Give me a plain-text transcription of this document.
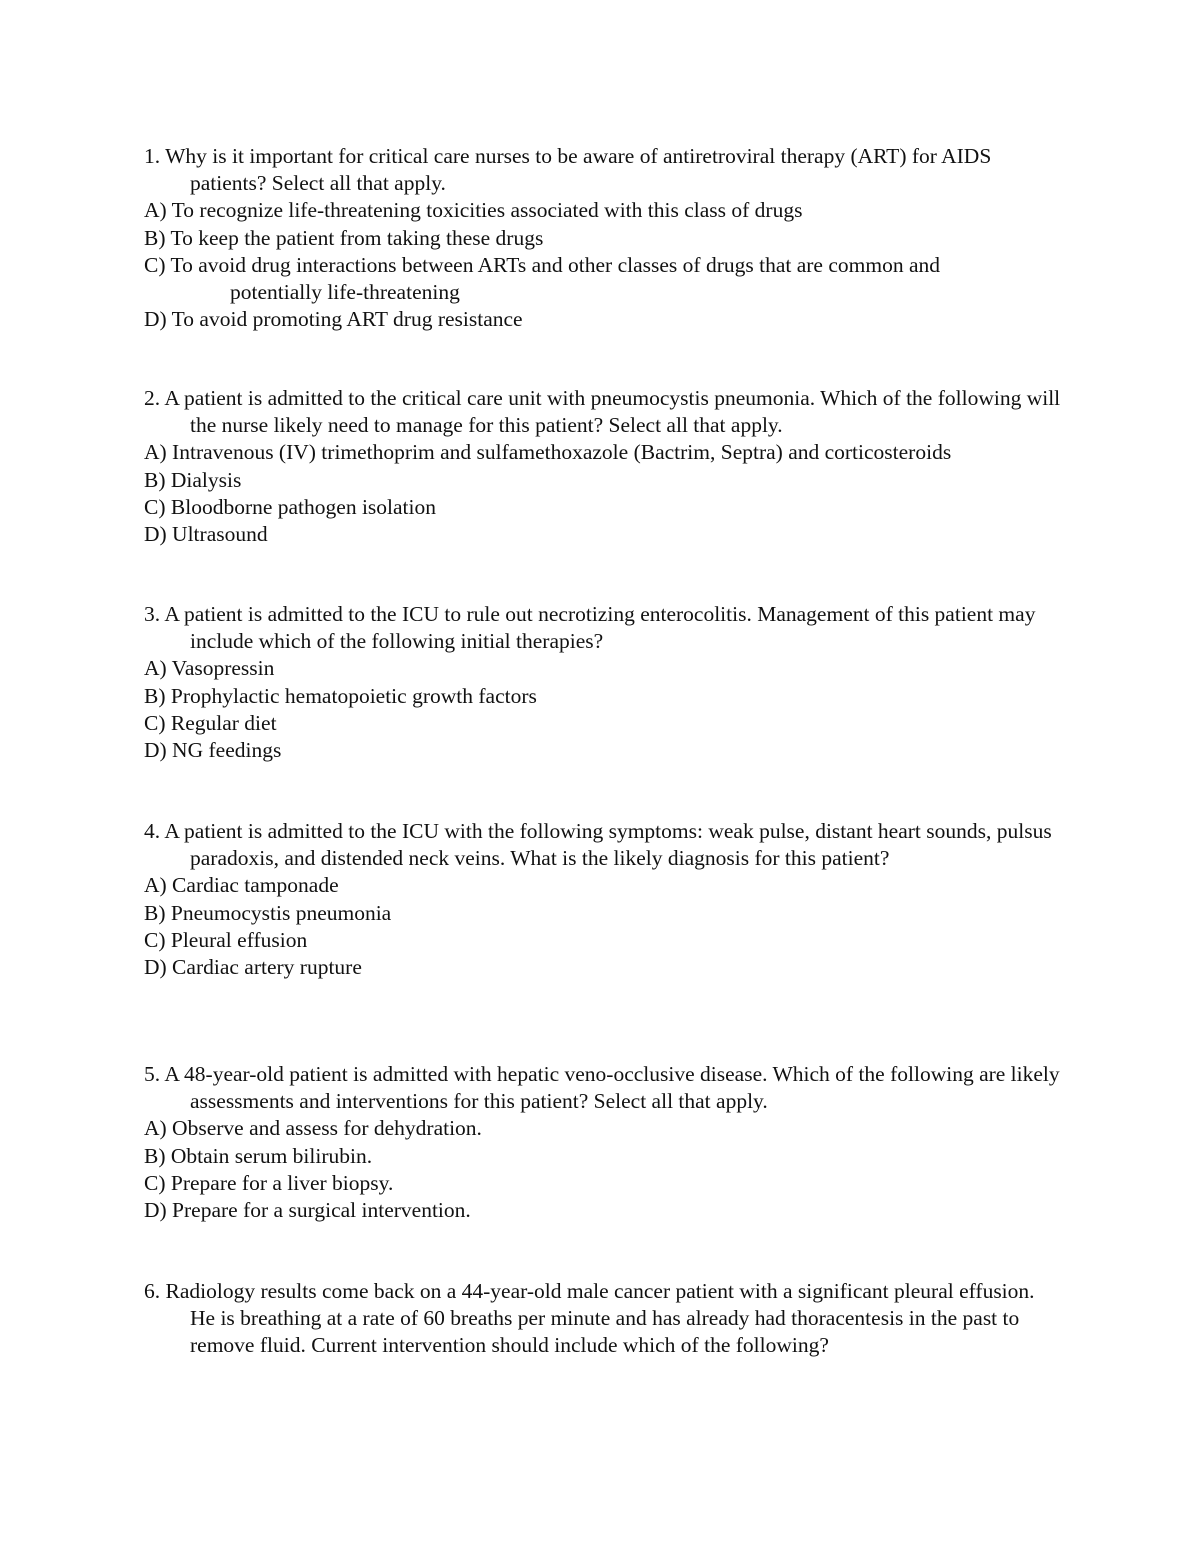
1. Why is it important for critical care nurses to be aware of antiretroviral therapy (ART) for AIDS patients? Select all that apply.

A) To recognize life-threatening toxicities associated with this class of drugs

B) To keep the patient from taking these drugs

C) To avoid drug interactions between ARTs and other classes of drugs that are common and
potentially life-threatening

D) To avoid promoting ART drug resistance

2. A patient is admitted to the critical care unit with pneumocystis pneumonia. Which of the following will the nurse likely need to manage for this patient? Select all that apply.

A) Intravenous (IV) trimethoprim and sulfamethoxazole (Bactrim, Septra) and corticosteroids

B) Dialysis

C) Bloodborne pathogen isolation

D) Ultrasound

3. A patient is admitted to the ICU to rule out necrotizing enterocolitis. Management of this patient may include which of the following initial therapies?

A) Vasopressin

B) Prophylactic hematopoietic growth factors

C) Regular diet

D) NG feedings

4. A patient is admitted to the ICU with the following symptoms: weak pulse, distant heart sounds, pulsus paradoxis, and distended neck veins. What is the likely diagnosis for this patient?

A) Cardiac tamponade

B) Pneumocystis pneumonia

C) Pleural effusion

D) Cardiac artery rupture

5. A 48-year-old patient is admitted with hepatic veno-occlusive disease. Which of the following are likely assessments and interventions for this patient? Select all that apply.

A) Observe and assess for dehydration.

B) Obtain serum bilirubin.

C) Prepare for a liver biopsy.

D) Prepare for a surgical intervention.

6. Radiology results come back on a 44-year-old male cancer patient with a significant pleural effusion. He is breathing at a rate of 60 breaths per minute and has already had thoracentesis in the past to remove fluid. Current intervention should include which of the following?
